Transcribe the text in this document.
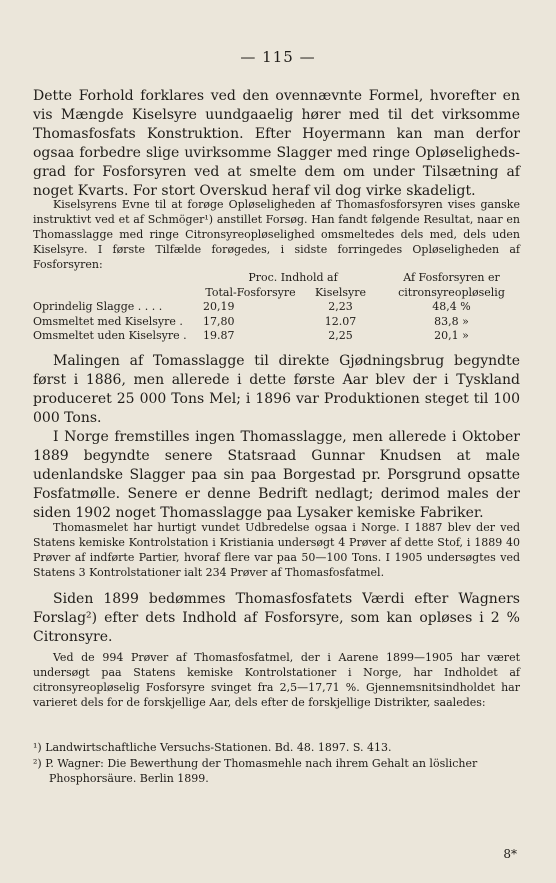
— 115 —

Dette Forhold forklares ved den ovennævnte Formel, hvorefter en vis Mængde Kiselsyre uundgaaelig hører med til det virksomme Thomasfosfats Konstruktion. Efter Hoyermann kan man derfor ogsaa forbedre slige uvirksomme Slagger med ringe Opløseligheds-grad for Fosforsyren ved at smelte dem om under Tilsætning af noget Kvarts. For stort Overskud heraf vil dog virke skadeligt.

Kiselsyrens Evne til at forøge Opløseligheden af Thomasfosforsyren vises ganske instruktivt ved et af Schmöger¹) anstillet Forsøg. Han fandt følgende Resultat, naar en Thomasslagge med ringe Citronsyreopløselighed omsmeltedes dels med, dels uden Kiselsyre. I første Tilfælde forøgedes, i sidste forringedes Opløseligheden af Fosforsyren:

	Proc. Indhold af		Af Fosforsyren er
	Total-Fosforsyre	Kiselsyre	citronsyreopløselig
Oprindelig Slagge . . . .	20,19	2,23	48,4 %
Omsmeltet med Kiselsyre .	17,80	12.07	83,8 »
Omsmeltet uden Kiselsyre .	19.87	2,25	20,1 »

Malingen af Tomasslagge til direkte Gjødningsbrug begyndte først i 1886, men allerede i dette første Aar blev der i Tyskland produceret 25 000 Tons Mel; i 1896 var Produktionen steget til 100 000 Tons.

I Norge fremstilles ingen Thomasslagge, men allerede i Oktober 1889 begyndte senere Statsraad Gunnar Knudsen at male udenlandske Slagger paa sin paa Borgestad pr. Porsgrund opsatte Fosfatmølle. Senere er denne Bedrift nedlagt; derimod males der siden 1902 noget Thomasslagge paa Lysaker kemiske Fabriker.

Thomasmelet har hurtigt vundet Udbredelse ogsaa i Norge. I 1887 blev der ved Statens kemiske Kontrolstation i Kristiania undersøgt 4 Prøver af dette Stof, i 1889 40 Prøver af indførte Partier, hvoraf flere var paa 50—100 Tons. I 1905 undersøgtes ved Statens 3 Kontrolstationer ialt 234 Prøver af Thomasfosfatmel.

Siden 1899 bedømmes Thomasfosfatets Værdi efter Wagners Forslag²) efter dets Indhold af Fosforsyre, som kan opløses i 2 % Citronsyre.

Ved de 994 Prøver af Thomasfosfatmel, der i Aarene 1899—1905 har været undersøgt paa Statens kemiske Kontrolstationer i Norge, har Indholdet af citronsyreopløselig Fosforsyre svinget fra 2,5—17,71 %. Gjennemsnitsindholdet har varieret dels for de forskjellige Aar, dels efter de forskjellige Distrikter, saaledes:

¹) Landwirtschaftliche Versuchs-Stationen. Bd. 48. 1897. S. 413.

²) P. Wagner: Die Bewerthung der Thomasmehle nach ihrem Gehalt an löslicher Phosphorsäure. Berlin 1899.

8*
